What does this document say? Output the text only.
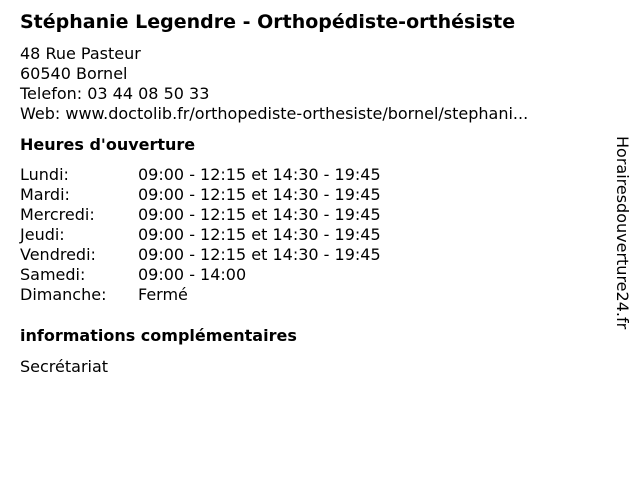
Stéphanie Legendre - Orthopédiste-orthésiste
48 Rue Pasteur
60540 Bornel
Telefon: 03 44 08 50 33
Web: www.doctolib.fr/orthopediste-orthesiste/bornel/stephani...
Heures d'ouverture
Lundi:	09:00 - 12:15 et 14:30 - 19:45
Mardi:	09:00 - 12:15 et 14:30 - 19:45
Mercredi:	09:00 - 12:15 et 14:30 - 19:45
Jeudi:	09:00 - 12:15 et 14:30 - 19:45
Vendredi:	09:00 - 12:15 et 14:30 - 19:45
Samedi:	09:00 - 14:00
Dimanche:	Fermé
informations complémentaires
Secrétariat
Horairesdouverture24.fr
